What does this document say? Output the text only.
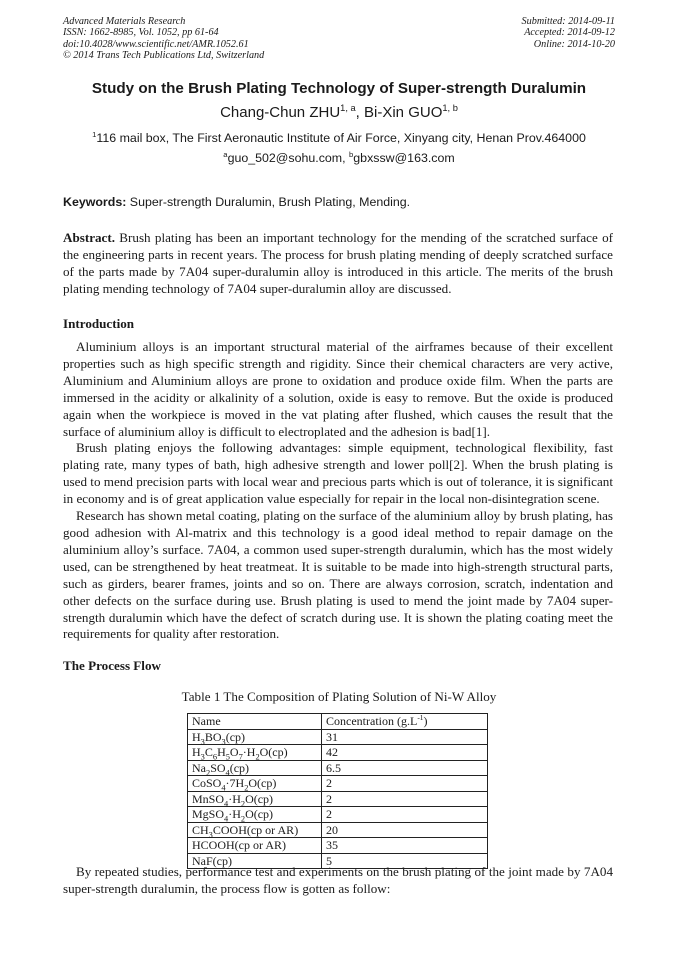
Advanced Materials Research
ISSN: 1662-8985, Vol. 1052, pp 61-64
doi:10.4028/www.scientific.net/AMR.1052.61
© 2014 Trans Tech Publications Ltd, Switzerland
Submitted: 2014-09-11
Accepted: 2014-09-12
Online: 2014-10-20
Study on the Brush Plating Technology of Super-strength Duralumin
Chang-Chun ZHU$^{1, a}$, Bi-Xin GUO$^{1, b}$
$^1$116 mail box, The First Aeronautic Institute of Air Force, Xinyang city, Henan Prov.464000
$^a$guo_502@sohu.com, $^b$gbxssw@163.com
Keywords: Super-strength Duralumin, Brush Plating, Mending.
Abstract. Brush plating has been an important technology for the mending of the scratched surface of the engineering parts in recent years. The process for brush plating mending of deeply scratched surface of the parts made by 7A04 super-duralumin alloy is introduced in this article. The merits of the brush plating mending technology of 7A04 super-duralumin alloy are discussed.
Introduction

Aluminium alloys is an important structural material of the airframes because of their excellent properties such as high specific strength and rigidity. Since their chemical characters are very active, Aluminium and Aluminium alloys are prone to oxidation and produce oxide film. When the parts are immersed in the acidity or alkalinity of a solution, oxide is easy to remove. But the oxide is produced again when the workpiece is moved in the vat plating after flushed, which causes the result that the surface of aluminium alloy is difficult to electroplated and the adhesion is bad[1].

Brush plating enjoys the following advantages: simple equipment, technological flexibility, fast plating rate, many types of bath, high adhesive strength and lower poll[2]. When the brush plating is used to mend precision parts with local wear and precious parts which is out of tolerance, it is significant in economy and is of great application value especially for repair in the local non-disintegration scene.

Research has shown metal coating, plating on the surface of the aluminium alloy by brush plating, has good adhesion with Al-matrix and this technology is a good ideal method to repair damage on the aluminium alloy’s surface. 7A04, a common used super-strength duralumin, which has the most widely used, can be strengthened by heat treatmeat. It is suitable to be made into high-strength structural parts, such as girders, bearer frames, joints and so on. There are always corrosion, scratch, indentation and other defects on the surface during use. Brush plating is used to mend the joint made by 7A04 super-strength duralumin which have the defect of scratch during use. It is shown the plating coating meet the requirements for quality after restoration.

The Process Flow
Table 1 The Composition of Plating Solution of Ni-W Alloy
Name	Concentration $(g.L^{-1})$
$H_3BO_3(cp)$	31
$H_3C_6H_5O_7\cdot H_2O(cp)$	42
$Na_2SO_4(cp)$	6.5
$CoSO_4\cdot 7H_2O(cp)$	2
$MnSO_4\cdot H_2O(cp)$	2
$MgSO_4\cdot H_2O(cp)$	2
$CH_3COOH(cp$ or AR)	20
HCOOH(cp or AR)	35
NaF(cp)	5

By repeated studies, performance test and experiments on the brush plating of the joint made by 7A04 super-strength duralumin, the process flow is gotten as follow:
